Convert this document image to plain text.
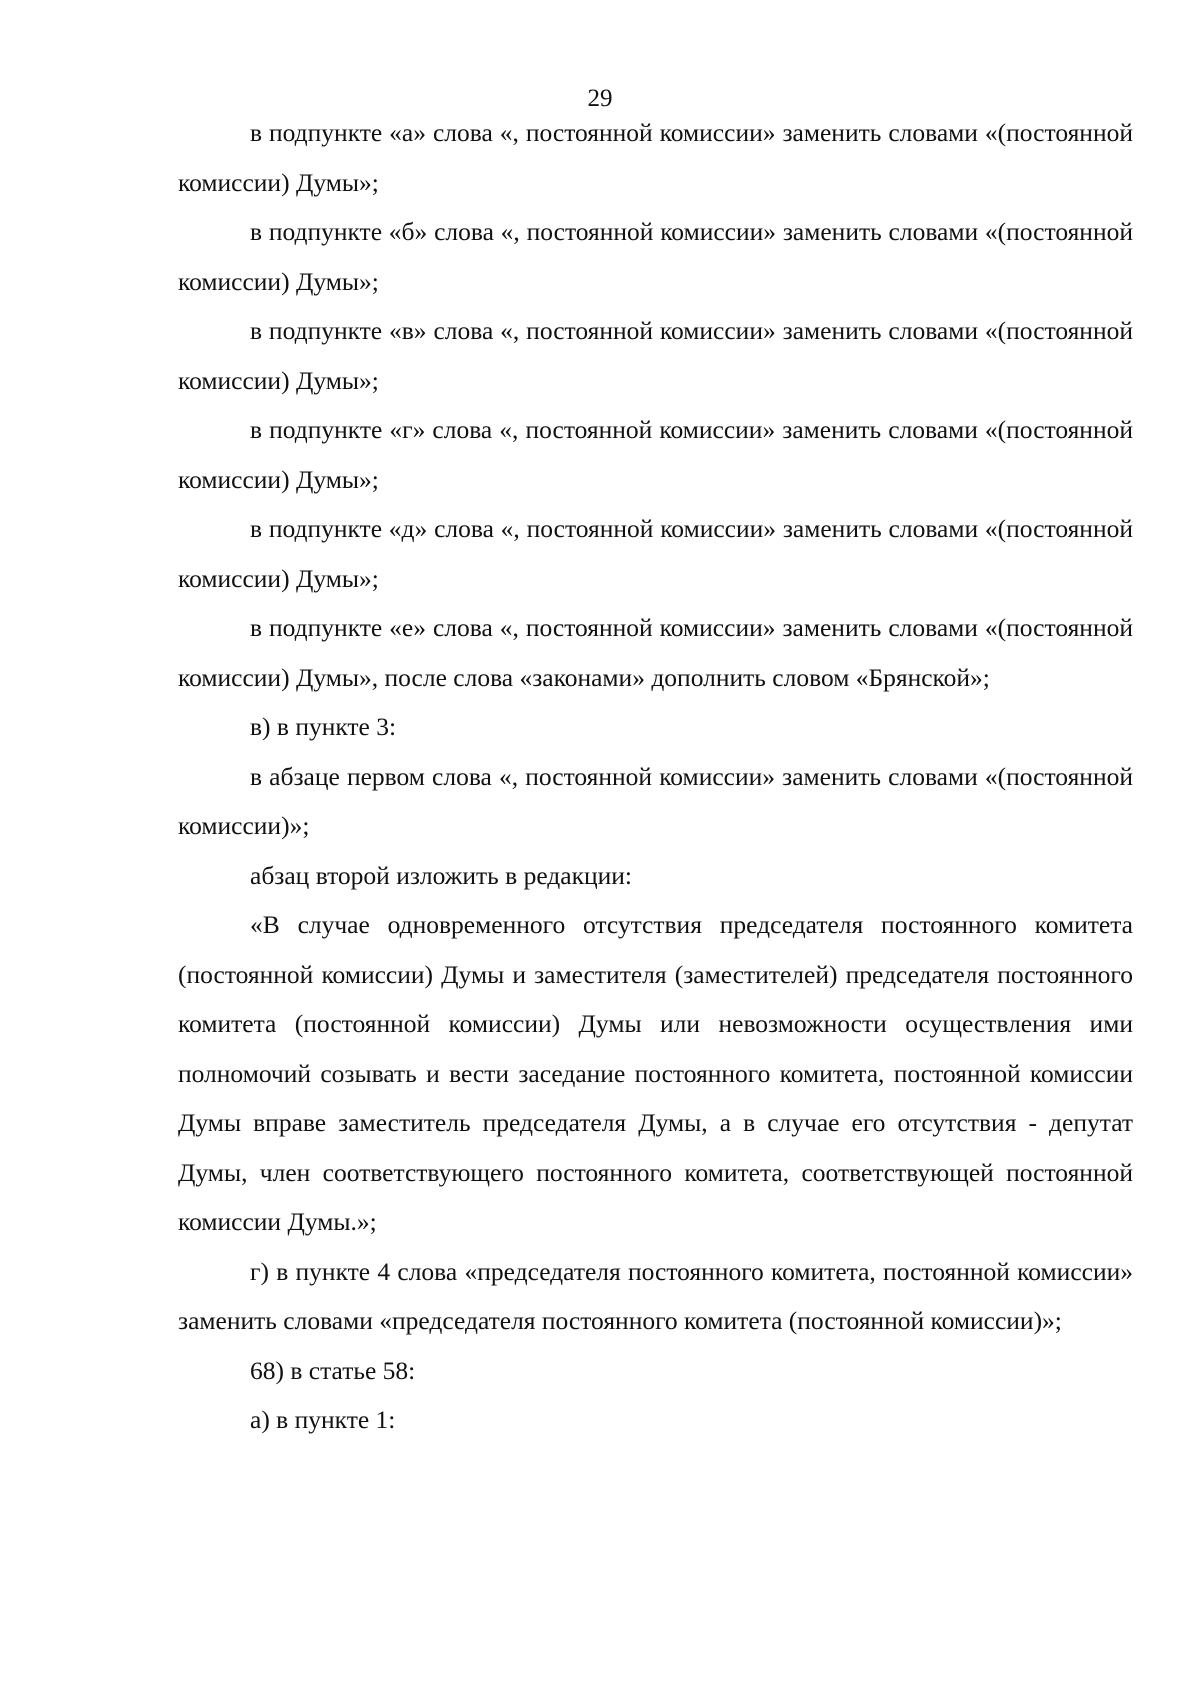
29

в подпункте «а» слова «, постоянной комиссии» заменить словами «(постоянной комиссии) Думы»;

в подпункте «б» слова «, постоянной комиссии» заменить словами «(постоянной комиссии) Думы»;

в подпункте «в» слова «, постоянной комиссии» заменить словами «(постоянной комиссии) Думы»;

в подпункте «г» слова «, постоянной комиссии» заменить словами «(постоянной комиссии) Думы»;

в подпункте «д» слова «, постоянной комиссии» заменить словами «(постоянной комиссии) Думы»;

в подпункте «е» слова «, постоянной комиссии» заменить словами «(постоянной комиссии) Думы», после слова «законами» дополнить словом «Брянской»;

в) в пункте 3:

в абзаце первом слова «, постоянной комиссии» заменить словами «(постоянной комиссии)»;

абзац второй изложить в редакции:

«В случае одновременного отсутствия председателя постоянного комитета (постоянной комиссии) Думы и заместителя (заместителей) председателя постоянного комитета (постоянной комиссии) Думы или невозможности осуществления ими полномочий созывать и вести заседание постоянного комитета, постоянной комиссии Думы вправе заместитель председателя Думы, а в случае его отсутствия - депутат Думы, член соответствующего постоянного комитета, соответствующей постоянной комиссии Думы.»;

г) в пункте 4 слова «председателя постоянного комитета, постоянной комиссии» заменить словами «председателя постоянного комитета (постоянной комиссии)»;

68) в статье 58:

а) в пункте 1:
